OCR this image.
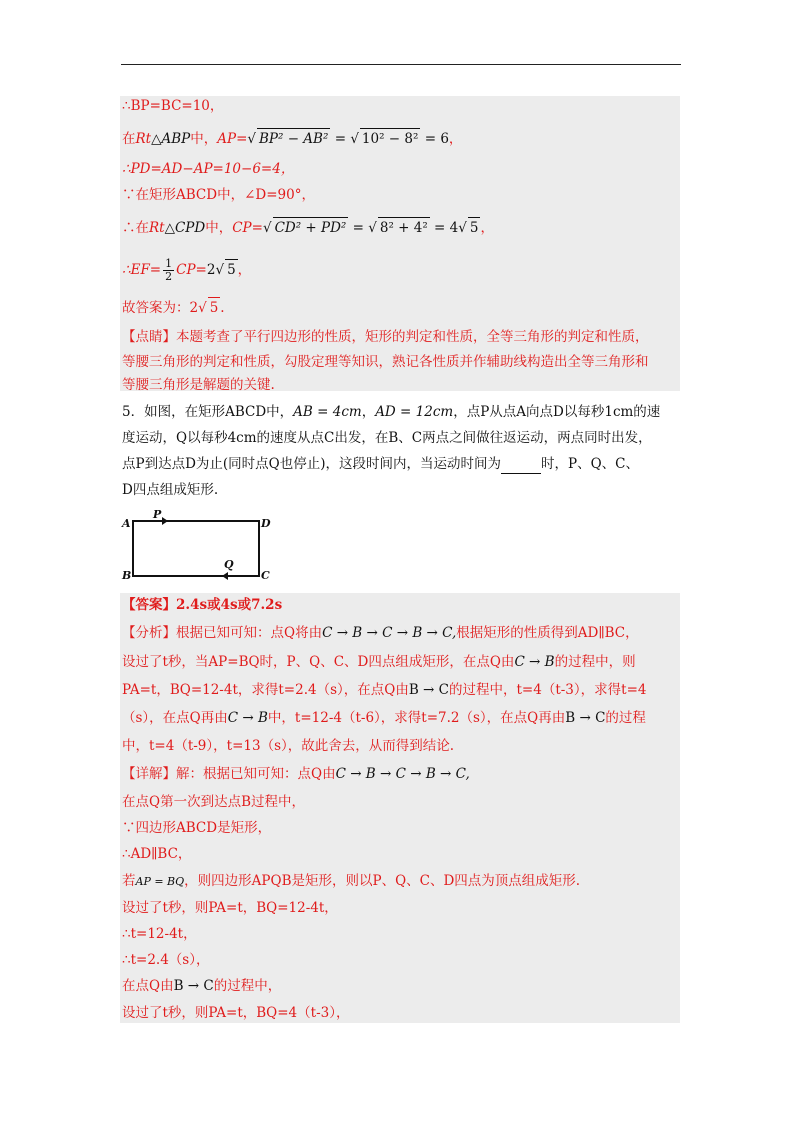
∴BP=BC=10，
在Rt△ABP中，AP=√ BP² − AB² = √ 10² − 8² = 6，
∴PD=AD−AP=10−6=4，
∵在矩形ABCD中，∠D=90°，
∴在Rt△CPD中，CP=√ CD² + PD² = √ 8² + 4² = 4√ 5 ，
∴EF= $\frac{1}{2} CP=2√$ 5 ，
故答案为：2√ 5 .
【点睛】本题考查了平行四边形的性质，矩形的判定和性质，全等三角形的判定和性质，
等腰三角形的判定和性质，勾股定理等知识，熟记各性质并作辅助线构造出全等三角形和
等腰三角形是解题的关键.
5．如图，在矩形ABCD中，AB = 4cm，AD = 12cm，点P从点A向点D以每秒1cm的速
度运动，Q以每秒4cm的速度从点C出发，在B、C两点之间做往返运动，两点同时出发，
点P到达点D为止(同时点Q也停止)，这段时间内，当运动时间为	时，P、Q、C、
D四点组成矩形.
A	D
B	C
P
Q
【答案】2.4s或4s或7.2s
【分析】根据已知可知：点Q将由C → B → C → B → C,根据矩形的性质得到AD∥BC，
设过了t秒，当AP=BQ时，P、Q、C、D四点组成矩形，在点Q由C → B的过程中，则
PA=t，BQ=12-4t，求得t=2.4（s），在点Q由B → C的过程中，t=4（t-3），求得t=4
（s），在点Q再由C → B中，t=12-4（t-6），求得t=7.2（s），在点Q再由B → C的过程
中，t=4（t-9），t=13（s），故此舍去，从而得到结论.
【详解】解：根据已知可知：点Q由C → B → C → B → C,
在点Q第一次到达点B过程中，
∵四边形ABCD是矩形，
∴AD∥BC，
若AP = BQ，则四边形APQB是矩形，则以P、Q、C、D四点为顶点组成矩形.
设过了t秒，则PA=t，BQ=12-4t，
∴t=12-4t，
∴t=2.4（s），
在点Q由B → C的过程中，
设过了t秒，则PA=t，BQ=4（t-3），
